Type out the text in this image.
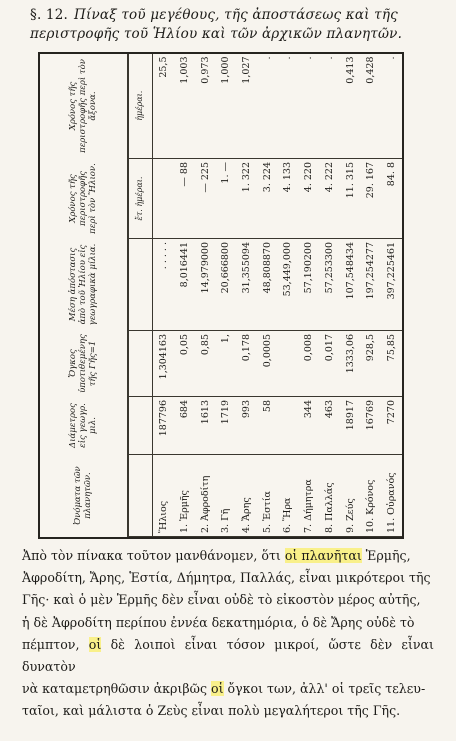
§. 12. Πίναξ τοῦ μεγέθους, τῆς ἀποστάσεως καὶ τῆς περιστροφῆς τοῦ Ἡλίου καὶ τῶν ἀρχικῶν πλανητῶν.
Ὀνόματα τῶν πλανητῶν.	Διάμετρος εἰς γεωγρ. μιλ.	Ὄγκος ὑποτιθεμένης τῆς Γῆς=1	Μέση ἀπόστασις ἀπὸ τοῦ Ἡλίου εἰς γεωγραφικὰ μίλια.	Χρόνος τῆς περιστροφῆς περὶ τὸν Ἥλιον.	Χρόνος τῆς περιστροφῆς περὶ τὸν ἄξονα.
				ἔτ. ἡμέραι.	ἡμέραι.
Ἥλιος	187796	1,304163	. . . . .		25,5
1. Ἑρμῆς	684	0,05	8,016441	— 88	1,003
2. Ἀφροδίτη	1613	0,85	14,979000	— 225	0,973
3. Γῆ	1719	1,	20,666800	1. —	1,000
4. Ἄρης	993	0,178	31,355094	1. 322	1,027
5. Ἑστία	58	0,0005	48,808870	3. 224	.
6. Ἥρα			53,449,000	4. 133	.
7. Δήμητρα	344	0,008	57,190200	4. 220	.
8. Παλλάς	463	0,017	57,253300	4. 222	.
9. Ζεύς	18917	1333,06	107,548434	11. 315	0,413
10. Κρόνος	16769	928,5	197,254277	29. 167	0,428
11. Οὐρανός	7270	75,85	397,225461	84. 8	.
Ἀπὸ τὸν πίνακα τοῦτον μανθάνομεν, ὅτι οἱ πλανῆται Ἑρμῆς,
Ἀφροδίτη, Ἄρης, Ἑστία, Δήμητρα, Παλλάς, εἶναι μικρότεροι τῆς
Γῆς· καὶ ὁ μὲν Ἑρμῆς δὲν εἶναι οὐδὲ τὸ εἰκοστὸν μέρος αὐτῆς,
ἡ δὲ Ἀφροδίτη περίπου ἐννέα δεκατημόρια, ὁ δὲ Ἄρης οὐδὲ τὸ
πέμπτον, οἱ δὲ λοιποὶ εἶναι τόσον μικροί, ὥστε δὲν εἶναι δυνατὸν
νὰ καταμετρηθῶσιν ἀκριβῶς οἱ ὄγκοι των, ἀλλ' οἱ τρεῖς τελευ-
ταῖοι, καὶ μάλιστα ὁ Ζεὺς εἶναι πολὺ μεγαλήτεροι τῆς Γῆς.
